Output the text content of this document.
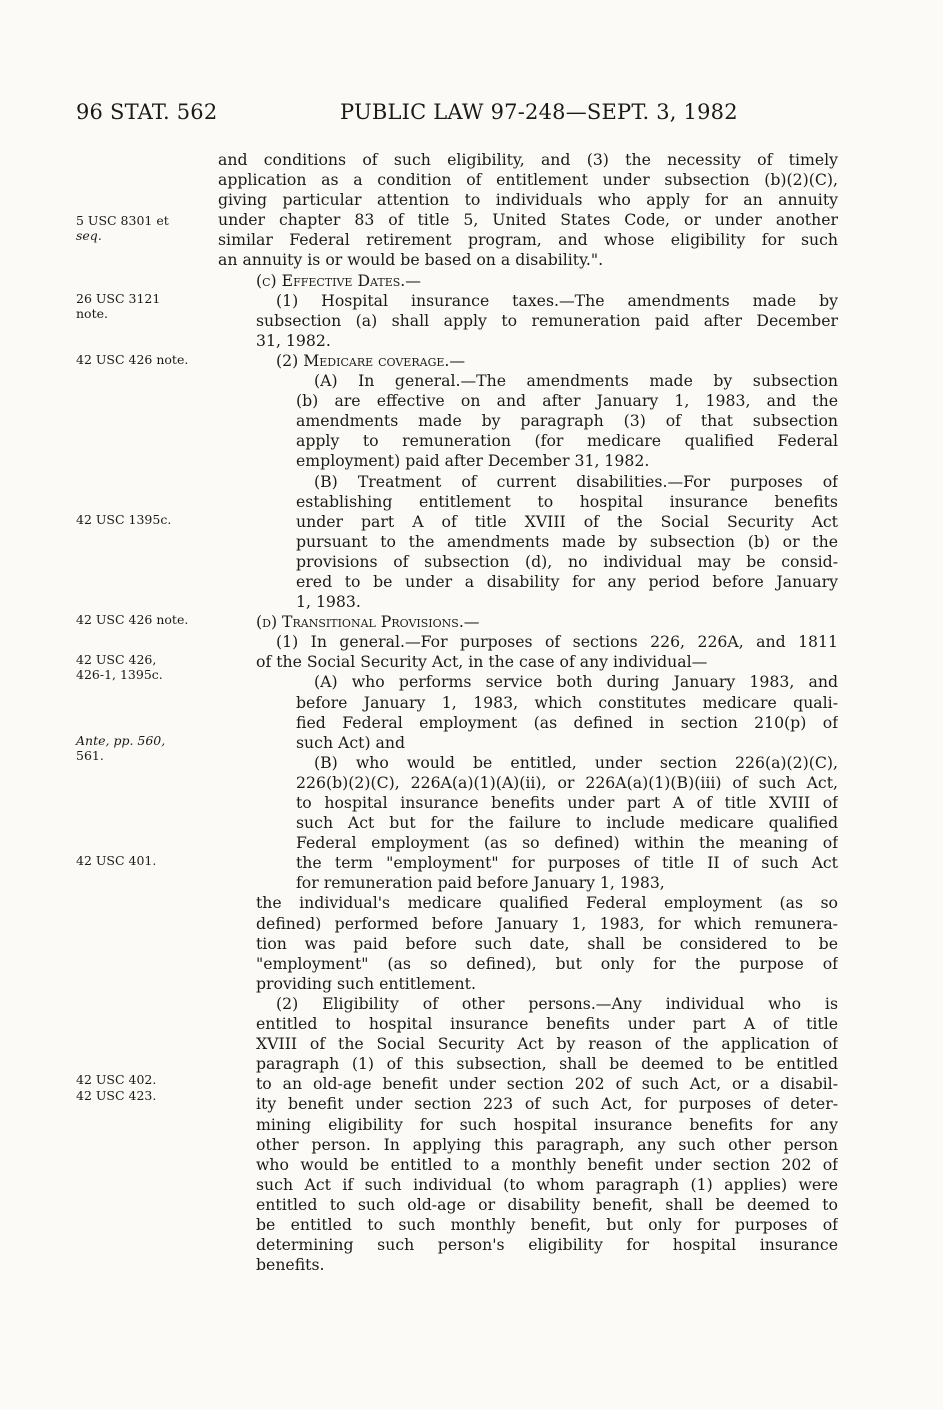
96 STAT. 562	PUBLIC LAW 97-248—SEPT. 3, 1982
5 USC 8301 et
seq.
26 USC 3121
note.
42 USC 426 note.
42 USC 1395c.
42 USC 426 note.
42 USC 426,
426-1, 1395c.
Ante, pp. 560,
561.
42 USC 401.
42 USC 402.
42 USC 423.
and conditions of such eligibility, and (3) the necessity of timely
application as a condition of entitlement under subsection (b)(2)(C),
giving particular attention to individuals who apply for an annuity
under chapter 83 of title 5, United States Code, or under another
similar Federal retirement program, and whose eligibility for such
an annuity is or would be based on a disability.".
(c) Effective Dates.—
(1) Hospital insurance taxes.—The amendments made by
subsection (a) shall apply to remuneration paid after December
31, 1982.
(2) Medicare coverage.—
(A) In general.—The amendments made by subsection
(b) are effective on and after January 1, 1983, and the
amendments made by paragraph (3) of that subsection
apply to remuneration (for medicare qualified Federal
employment) paid after December 31, 1982.
(B) Treatment of current disabilities.—For purposes of
establishing entitlement to hospital insurance benefits
under part A of title XVIII of the Social Security Act
pursuant to the amendments made by subsection (b) or the
provisions of subsection (d), no individual may be consid-
ered to be under a disability for any period before January
1, 1983.
(d) Transitional Provisions.—
(1) In general.—For purposes of sections 226, 226A, and 1811
of the Social Security Act, in the case of any individual—
(A) who performs service both during January 1983, and
before January 1, 1983, which constitutes medicare quali-
fied Federal employment (as defined in section 210(p) of
such Act) and
(B) who would be entitled, under section 226(a)(2)(C),
226(b)(2)(C), 226A(a)(1)(A)(ii), or 226A(a)(1)(B)(iii) of such Act,
to hospital insurance benefits under part A of title XVIII of
such Act but for the failure to include medicare qualified
Federal employment (as so defined) within the meaning of
the term "employment" for purposes of title II of such Act
for remuneration paid before January 1, 1983,
the individual's medicare qualified Federal employment (as so
defined) performed before January 1, 1983, for which remunera-
tion was paid before such date, shall be considered to be
"employment" (as so defined), but only for the purpose of
providing such entitlement.
(2) Eligibility of other persons.—Any individual who is
entitled to hospital insurance benefits under part A of title
XVIII of the Social Security Act by reason of the application of
paragraph (1) of this subsection, shall be deemed to be entitled
to an old-age benefit under section 202 of such Act, or a disabil-
ity benefit under section 223 of such Act, for purposes of deter-
mining eligibility for such hospital insurance benefits for any
other person. In applying this paragraph, any such other person
who would be entitled to a monthly benefit under section 202 of
such Act if such individual (to whom paragraph (1) applies) were
entitled to such old-age or disability benefit, shall be deemed to
be entitled to such monthly benefit, but only for purposes of
determining such person's eligibility for hospital insurance
benefits.
